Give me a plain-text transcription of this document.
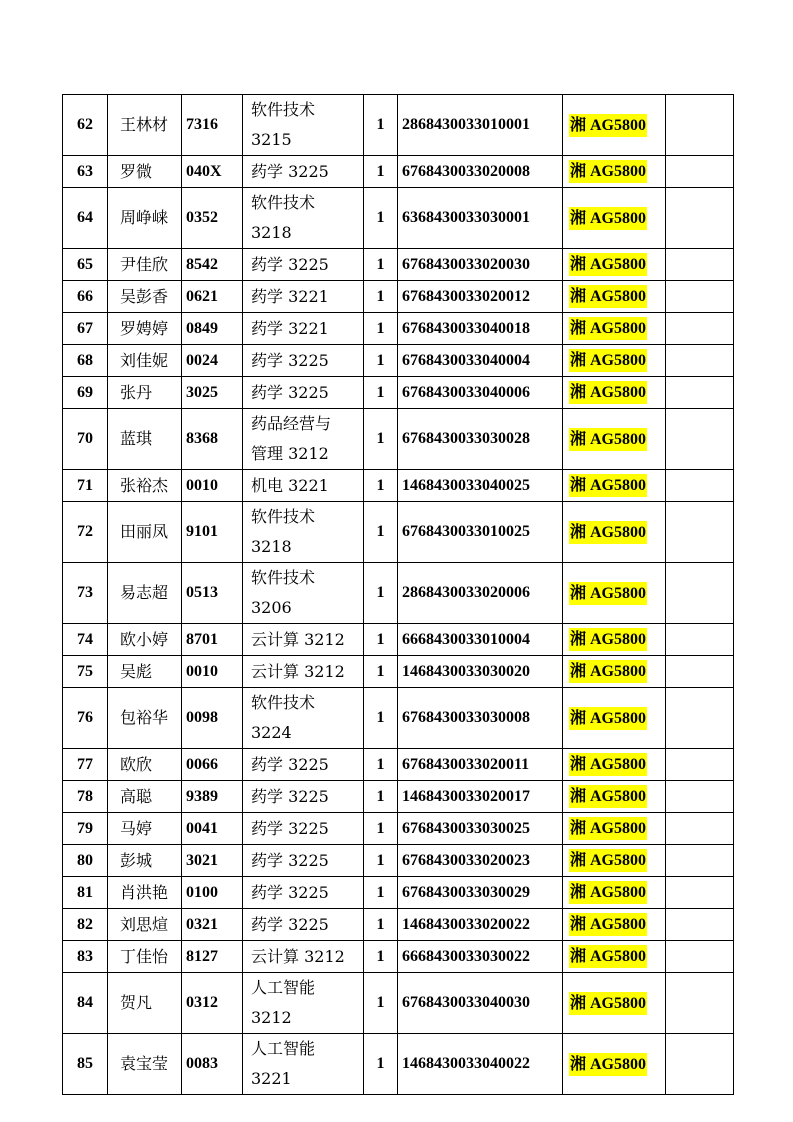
62	王林材	7316	软件技术
3215	1	2868430033010001	湘 AG5800	
63	罗微	040X	药学 3225	1	6768430033020008	湘 AG5800	
64	周峥崃	0352	软件技术
3218	1	6368430033030001	湘 AG5800	
65	尹佳欣	8542	药学 3225	1	6768430033020030	湘 AG5800	
66	吴彭香	0621	药学 3221	1	6768430033020012	湘 AG5800	
67	罗娉婷	0849	药学 3221	1	6768430033040018	湘 AG5800	
68	刘佳妮	0024	药学 3225	1	6768430033040004	湘 AG5800	
69	张丹	3025	药学 3225	1	6768430033040006	湘 AG5800	
70	蓝琪	8368	药品经营与
管理 3212	1	6768430033030028	湘 AG5800	
71	张裕杰	0010	机电 3221	1	1468430033040025	湘 AG5800	
72	田丽凤	9101	软件技术
3218	1	6768430033010025	湘 AG5800	
73	易志超	0513	软件技术
3206	1	2868430033020006	湘 AG5800	
74	欧小婷	8701	云计算 3212	1	6668430033010004	湘 AG5800	
75	吴彪	0010	云计算 3212	1	1468430033030020	湘 AG5800	
76	包裕华	0098	软件技术
3224	1	6768430033030008	湘 AG5800	
77	欧欣	0066	药学 3225	1	6768430033020011	湘 AG5800	
78	高聪	9389	药学 3225	1	1468430033020017	湘 AG5800	
79	马婷	0041	药学 3225	1	6768430033030025	湘 AG5800	
80	彭城	3021	药学 3225	1	6768430033020023	湘 AG5800	
81	肖洪艳	0100	药学 3225	1	6768430033030029	湘 AG5800	
82	刘思煊	0321	药学 3225	1	1468430033020022	湘 AG5800	
83	丁佳怡	8127	云计算 3212	1	6668430033030022	湘 AG5800	
84	贺凡	0312	人工智能
3212	1	6768430033040030	湘 AG5800	
85	袁宝莹	0083	人工智能
3221	1	1468430033040022	湘 AG5800	
